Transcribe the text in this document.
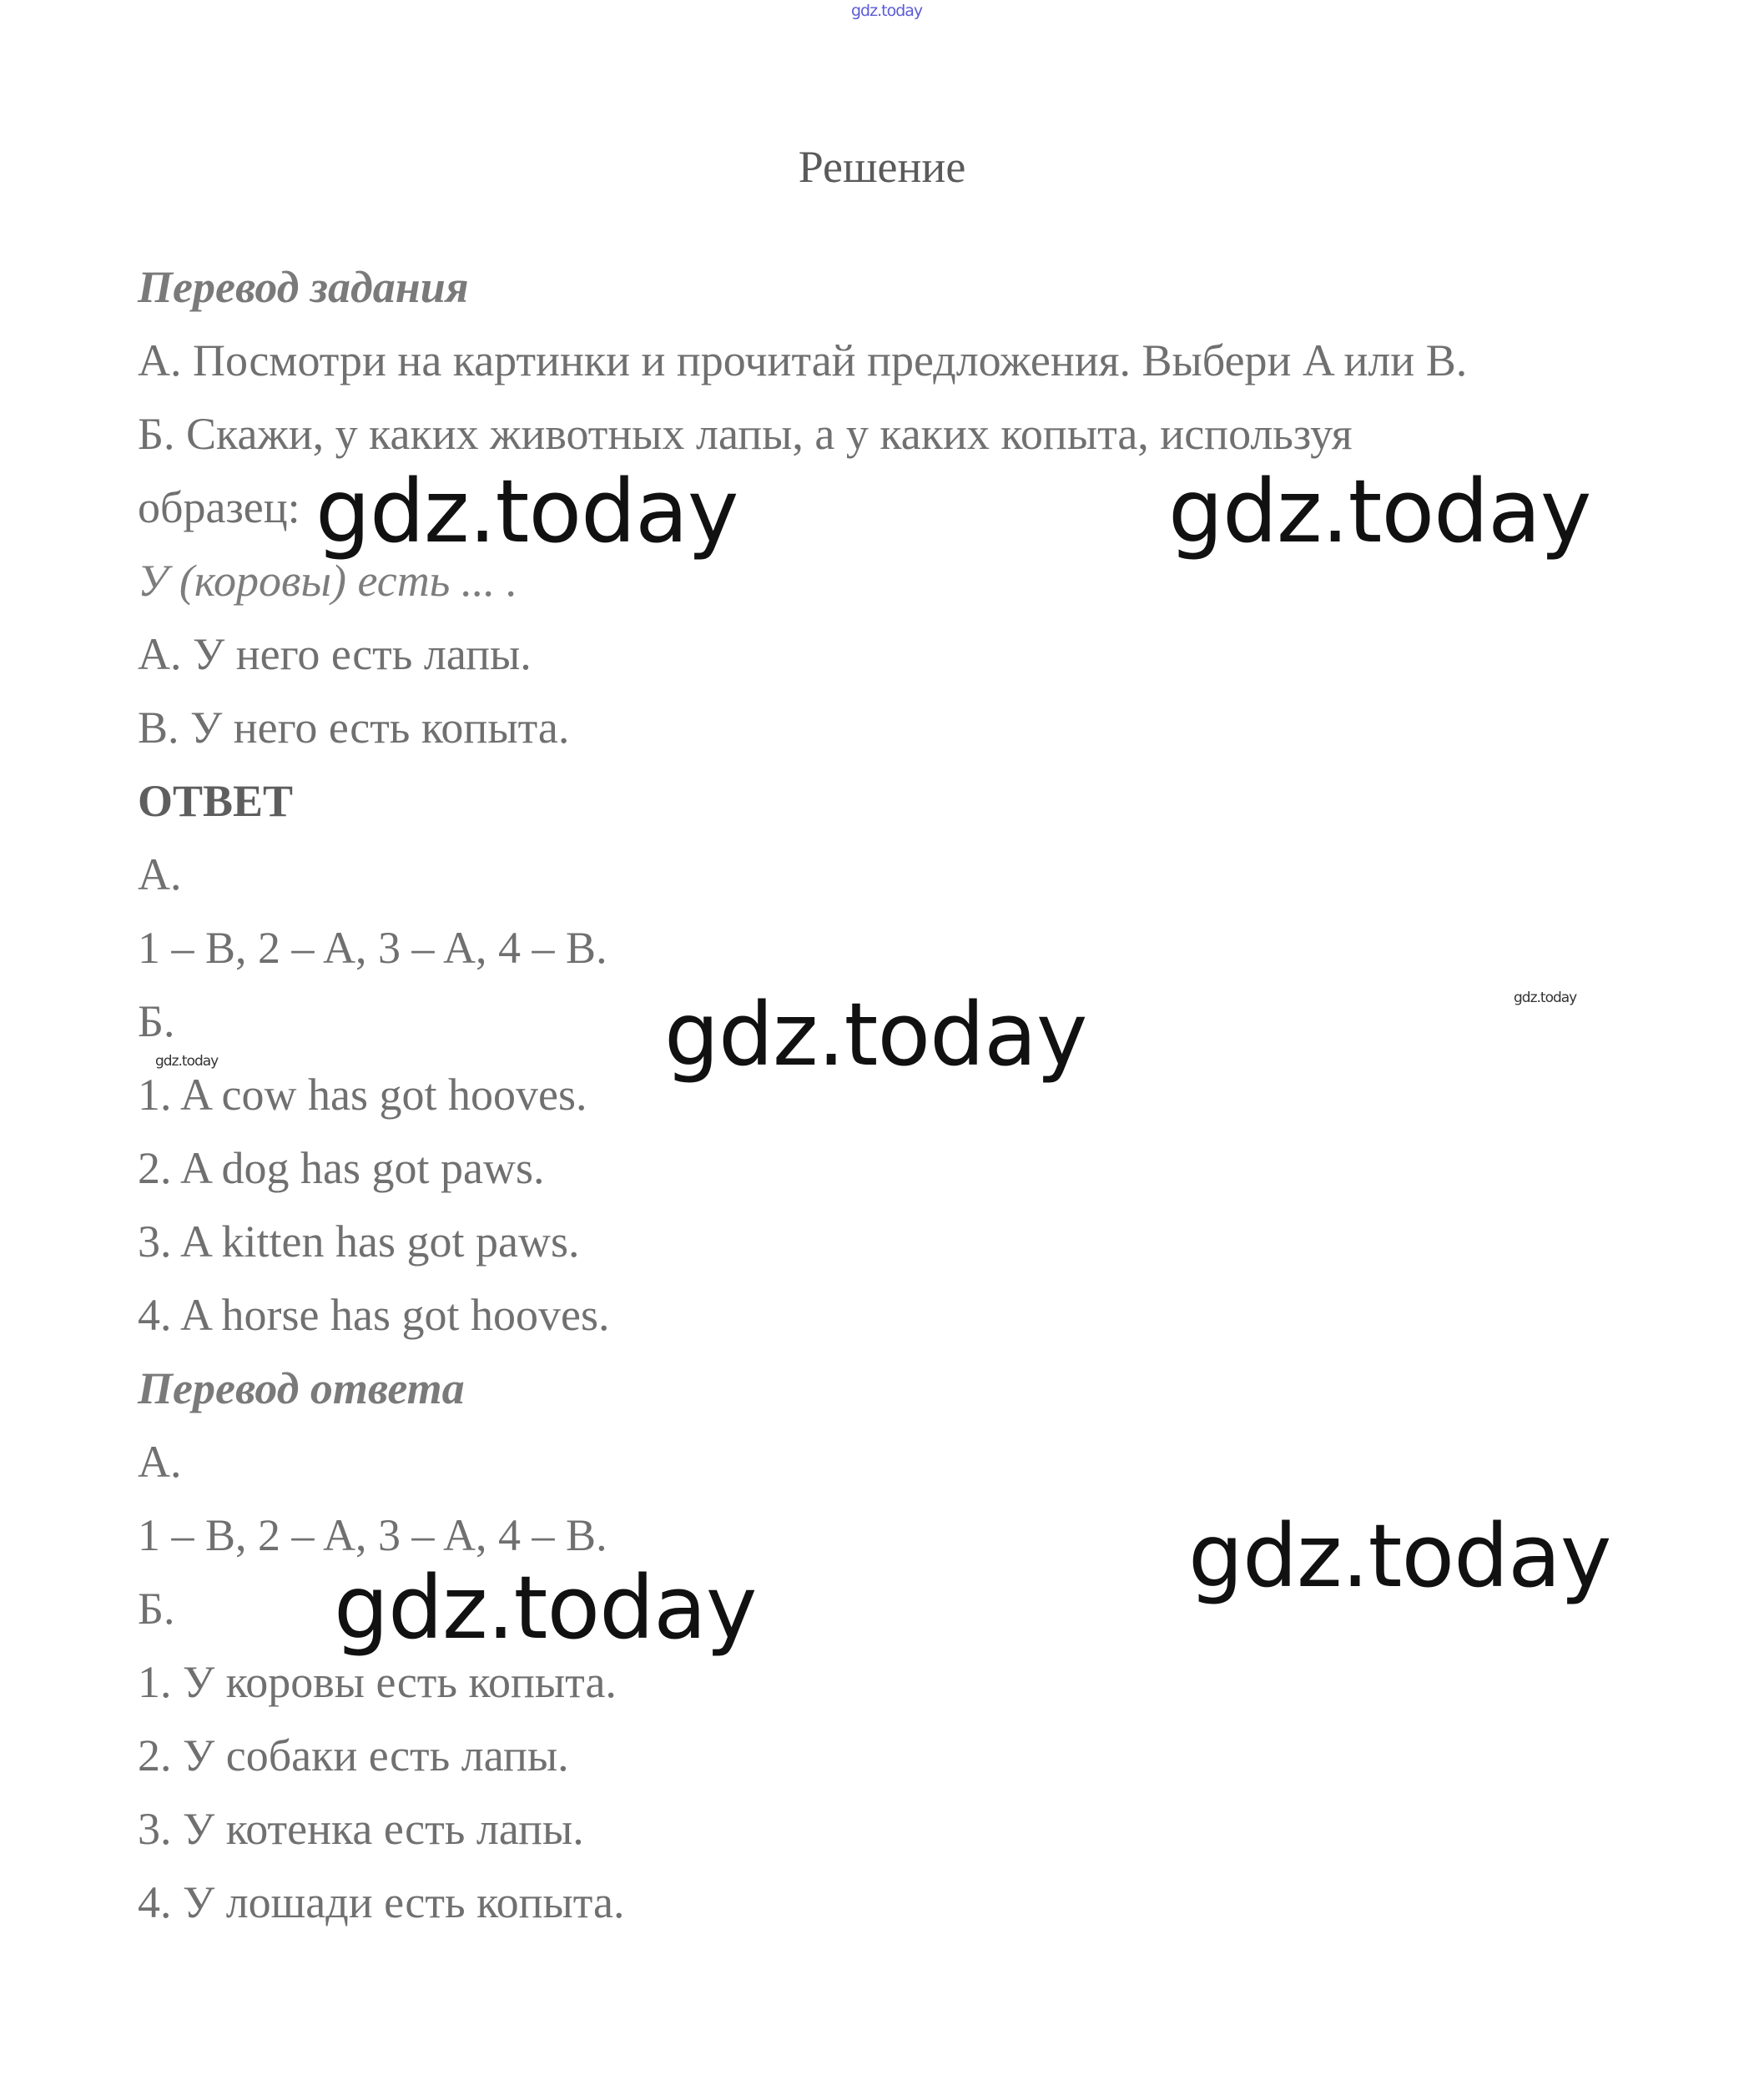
gdz.today
Решение
Перевод задания
А. Посмотри на картинки и прочитай предложения. Выбери A или B.
Б. Скажи, у каких животных лапы, а у каких копыта, используя
образец:
У (коровы) есть ... .
А. У него есть лапы.
В. У него есть копыта.
ОТВЕТ
А.
1 – B, 2 – A, 3 – A, 4 – B.
Б.
1. A cow has got hooves.
2. A dog has got paws.
3. A kitten has got paws.
4. A horse has got hooves.
Перевод ответа
А.
1 – B, 2 – A, 3 – A, 4 – B.
Б.
1. У коровы есть копыта.
2. У собаки есть лапы.
3. У котенка есть лапы.
4. У лошади есть копыта.
gdz.today	gdz.today
gdz.today
gdz.today
gdz.today
gdz.today
gdz.today
